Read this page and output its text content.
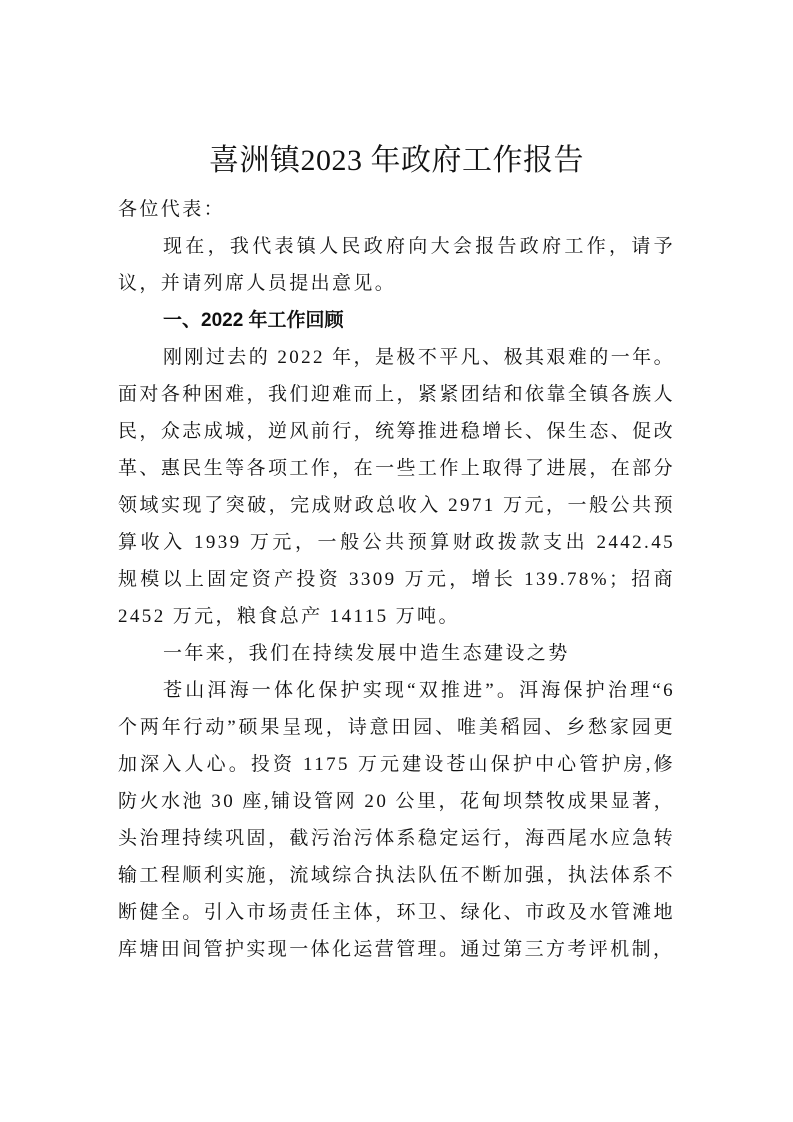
喜洲镇2023 年政府工作报告
各位代表：
现在，我代表镇人民政府向大会报告政府工作，请予
议，并请列席人员提出意见。
一、2022 年工作回顾
刚刚过去的 2022 年，是极不平凡、极其艰难的一年。
面对各种困难，我们迎难而上，紧紧团结和依靠全镇各族人
民，众志成城，逆风前行，统筹推进稳增长、保生态、促改
革、惠民生等各项工作，在一些工作上取得了进展，在部分
领域实现了突破，完成财政总收入 2971 万元，一般公共预
算收入 1939 万元，一般公共预算财政拨款支出 2442.45
规模以上固定资产投资 3309 万元，增长 139.78%；招商
2452 万元，粮食总产 14115 万吨。
一年来，我们在持续发展中造生态建设之势
苍山洱海一体化保护实现“双推进”。洱海保护治理“6
个两年行动”硕果呈现，诗意田园、唯美稻园、乡愁家园更
加深入人心。投资 1175 万元建设苍山保护中心管护房,修
防火水池 30 座,铺设管网 20 公里，花甸坝禁牧成果显著，
头治理持续巩固，截污治污体系稳定运行，海西尾水应急转
输工程顺利实施，流域综合执法队伍不断加强，执法体系不
断健全。引入市场责任主体，环卫、绿化、市政及水管滩地
库塘田间管护实现一体化运营管理。通过第三方考评机制，
